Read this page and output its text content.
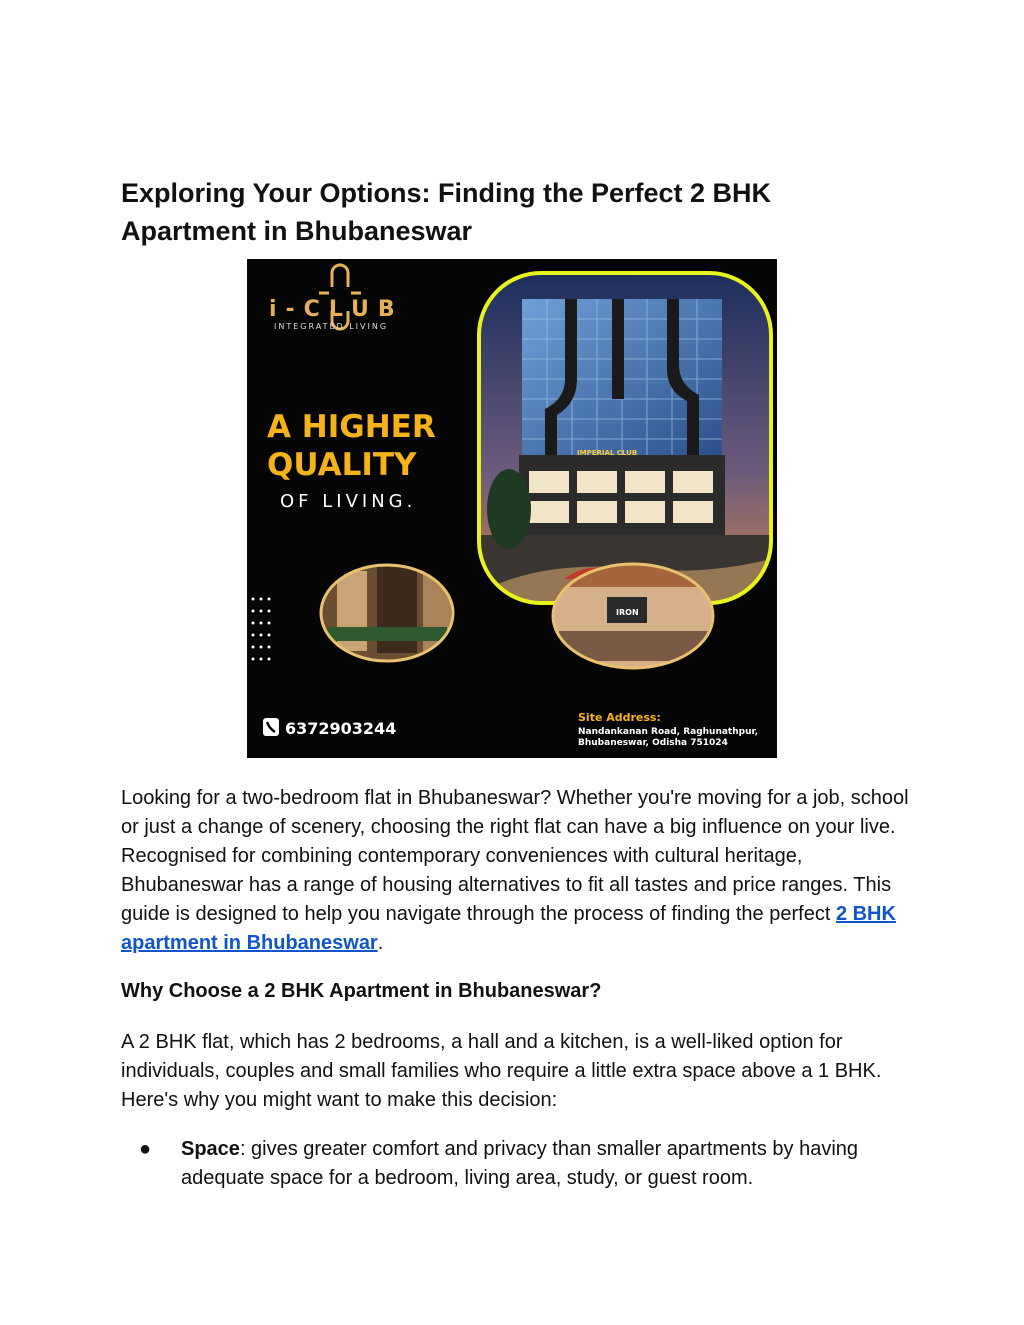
Exploring Your Options: Finding the Perfect 2 BHK Apartment in Bhubaneswar
IRON
IMPERIAL CLUB
i-CLUB
INTEGRATED LIVING
A HIGHER
QUALITY
OF LIVING.
6372903244
Site Address:
Nandankanan Road, Raghunathpur,
Bhubaneswar, Odisha 751024

Looking for a two-bedroom flat in Bhubaneswar? Whether you're moving for a job, school or just a change of scenery, choosing the right flat can have a big influence on your live. Recognised for combining contemporary conveniences with cultural heritage, Bhubaneswar has a range of housing alternatives to fit all tastes and price ranges. This guide is designed to help you navigate through the process of finding the perfect 2 BHK apartment in Bhubaneswar.

Why Choose a 2 BHK Apartment in Bhubaneswar?

A 2 BHK flat, which has 2 bedrooms, a hall and a kitchen, is a well-liked option for individuals, couples and small families who require a little extra space above a 1 BHK. Here's why you might want to make this decision:

● Space: gives greater comfort and privacy than smaller apartments by having adequate space for a bedroom, living area, study, or guest room.
